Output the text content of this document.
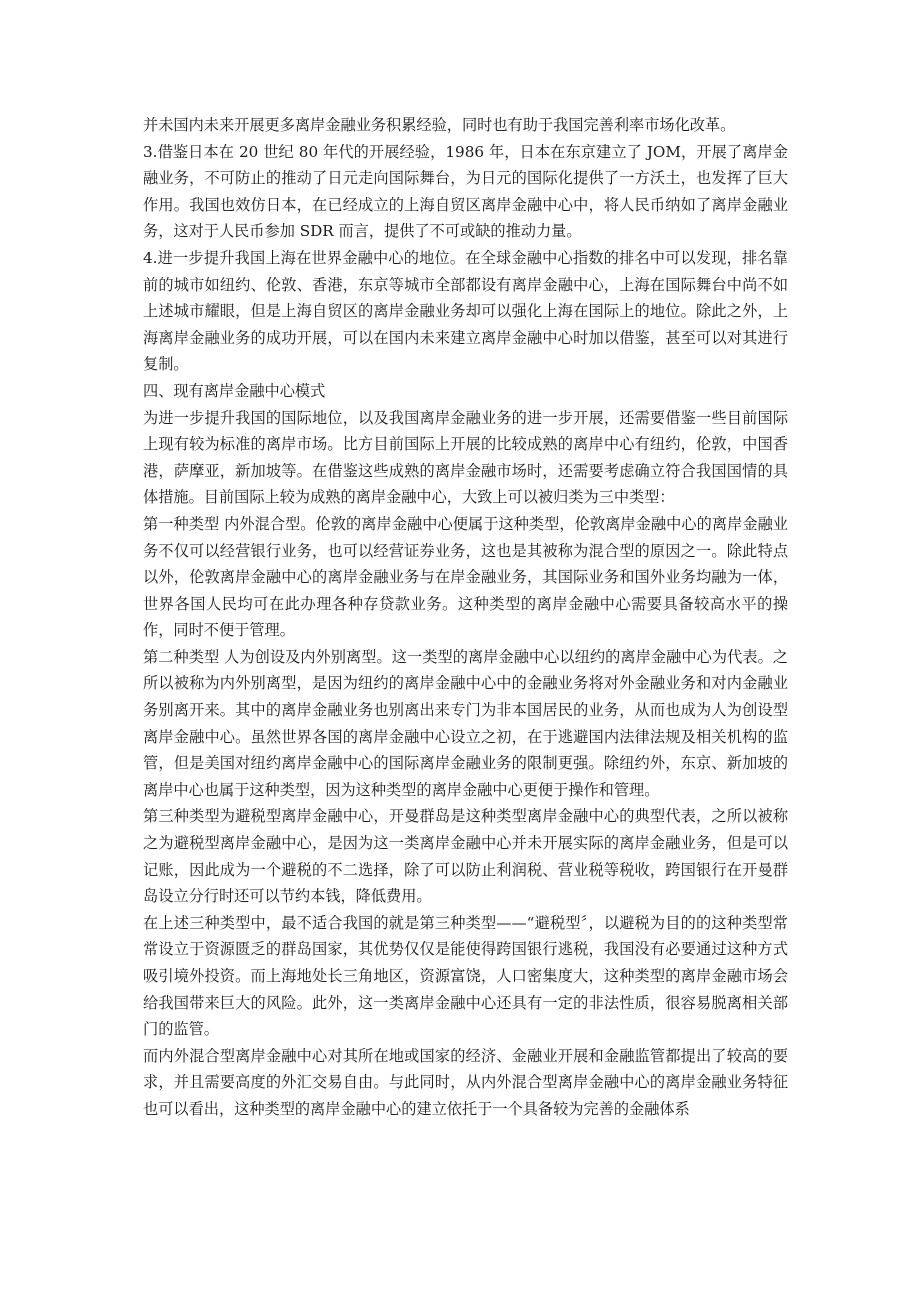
并未国内未来开展更多离岸金融业务积累经验，同时也有助于我国完善利率市场化改革。

3.借鉴日本在 20 世纪 80 年代的开展经验，1986 年，日本在东京建立了 JOM，开展了离岸金融业务，不可防止的推动了日元走向国际舞台，为日元的国际化提供了一方沃土，也发挥了巨大作用。我国也效仿日本，在已经成立的上海自贸区离岸金融中心中，将人民币纳如了离岸金融业务，这对于人民币参加 SDR 而言，提供了不可或缺的推动力量。

4.进一步提升我国上海在世界金融中心的地位。在全球金融中心指数的排名中可以发现，排名靠前的城市如纽约、伦敦、香港，东京等城市全部都设有离岸金融中心，上海在国际舞台中尚不如上述城市耀眼，但是上海自贸区的离岸金融业务却可以强化上海在国际上的地位。除此之外，上海离岸金融业务的成功开展，可以在国内未来建立离岸金融中心时加以借鉴，甚至可以对其进行复制。

四、现有离岸金融中心模式

为进一步提升我国的国际地位，以及我国离岸金融业务的进一步开展，还需要借鉴一些目前国际上现有较为标准的离岸市场。比方目前国际上开展的比较成熟的离岸中心有纽约，伦敦，中国香港，萨摩亚，新加坡等。在借鉴这些成熟的离岸金融市场时，还需要考虑确立符合我国国情的具体措施。目前国际上较为成熟的离岸金融中心，大致上可以被归类为三中类型：

第一种类型 内外混合型。伦敦的离岸金融中心便属于这种类型，伦敦离岸金融中心的离岸金融业务不仅可以经营银行业务，也可以经营证券业务，这也是其被称为混合型的原因之一。除此特点以外，伦敦离岸金融中心的离岸金融业务与在岸金融业务，其国际业务和国外业务均融为一体，世界各国人民均可在此办理各种存贷款业务。这种类型的离岸金融中心需要具备较高水平的操作，同时不便于管理。

第二种类型 人为创设及内外别离型。这一类型的离岸金融中心以纽约的离岸金融中心为代表。之所以被称为内外别离型，是因为纽约的离岸金融中心中的金融业务将对外金融业务和对内金融业务别离开来。其中的离岸金融业务也别离出来专门为非本国居民的业务，从而也成为人为创设型离岸金融中心。虽然世界各国的离岸金融中心设立之初，在于逃避国内法律法规及相关机构的监管，但是美国对纽约离岸金融中心的国际离岸金融业务的限制更强。除纽约外，东京、新加坡的离岸中心也属于这种类型，因为这种类型的离岸金融中心更便于操作和管理。

第三种类型为避税型离岸金融中心，开曼群岛是这种类型离岸金融中心的典型代表，之所以被称之为避税型离岸金融中心，是因为这一类离岸金融中心并未开展实际的离岸金融业务，但是可以记账，因此成为一个避税的不二选择，除了可以防止利润税、营业税等税收，跨国银行在开曼群岛设立分行时还可以节约本钱，降低费用。

在上述三种类型中，最不适合我国的就是第三种类型——“避税型〞，以避税为目的的这种类型常常设立于资源匮乏的群岛国家，其优势仅仅是能使得跨国银行逃税，我国没有必要通过这种方式吸引境外投资。而上海地处长三角地区，资源富饶，人口密集度大，这种类型的离岸金融市场会给我国带来巨大的风险。此外，这一类离岸金融中心还具有一定的非法性质，很容易脱离相关部门的监管。

而内外混合型离岸金融中心对其所在地或国家的经济、金融业开展和金融监管都提出了较高的要求，并且需要高度的外汇交易自由。与此同时，从内外混合型离岸金融中心的离岸金融业务特征也可以看出，这种类型的离岸金融中心的建立依托于一个具备较为完善的金融体系
